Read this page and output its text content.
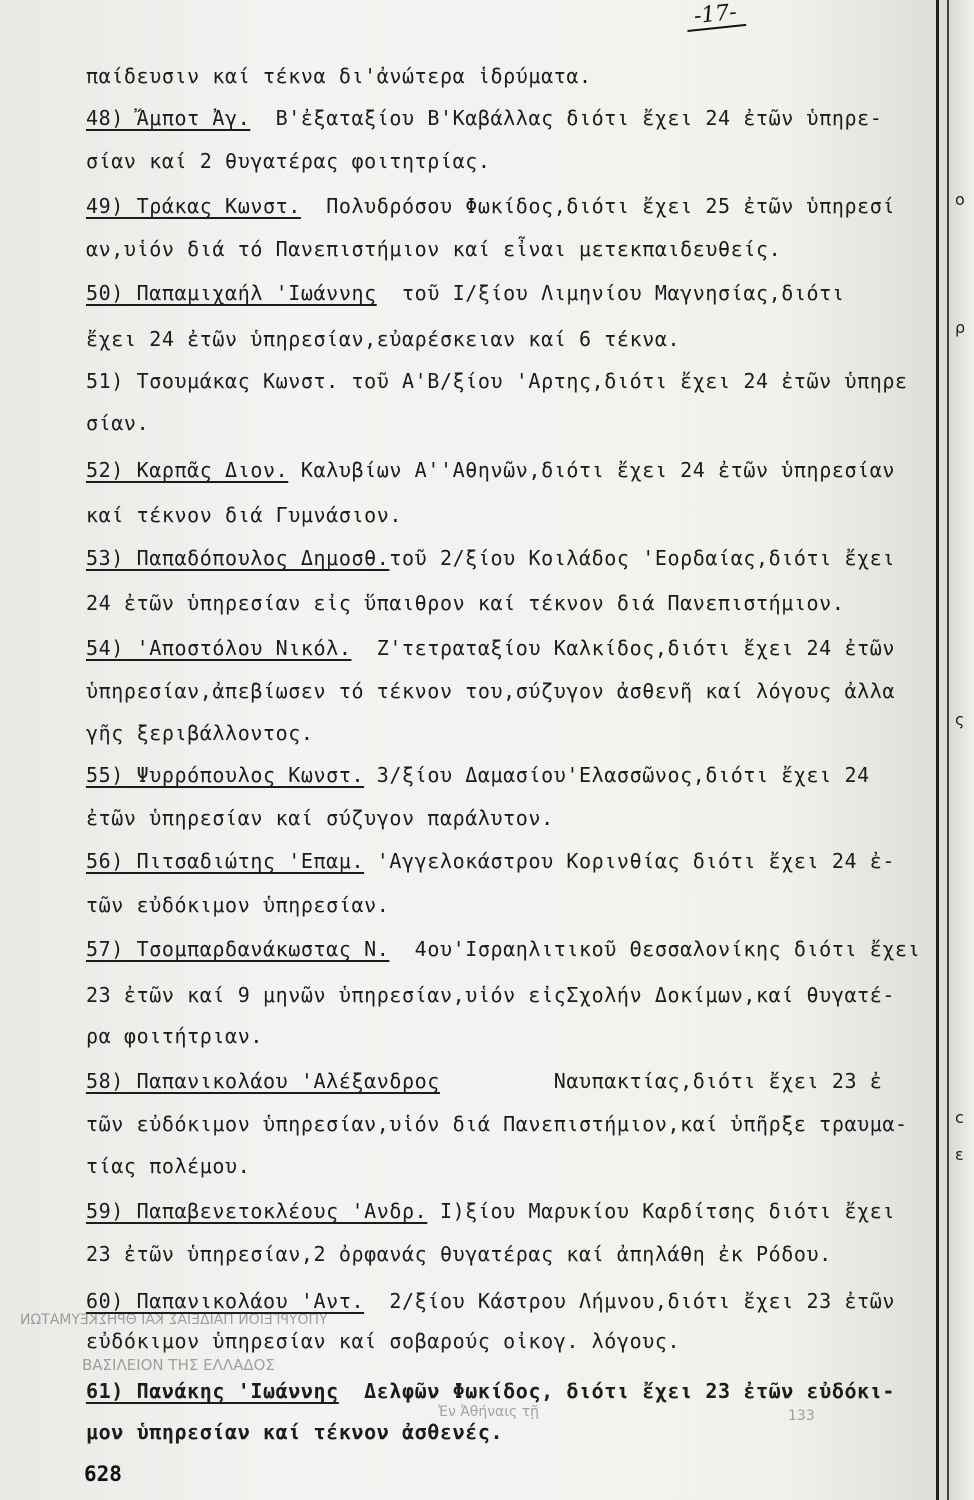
-17-
παίδευσιν καί τέκνα δι'ἀνώτερα ἱδρύματα.
48) Ἄμποτ Ἀγ.  Β'ἐξαταξίου Β'Καβάλλας διότι ἔχει 24 ἐτῶν ὑπηρε-
σίαν καί 2 θυγατέρας φοιτητρίας.
49) Τράκας Κωνστ.  Πολυδρόσου Φωκίδος,διότι ἔχει 25 ἐτῶν ὑπηρεσί
αν,υἱόν διά τό Πανεπιστήμιον καί εἶναι μετεκπαιδευθείς.
50) Παπαμιχαήλ 'Ιωάννης  τοῦ Ι/ξίου Λιμηνίου Μαγνησίας,διότι
ἔχει 24 ἐτῶν ὑπηρεσίαν,εὐαρέσκειαν καί 6 τέκνα.
51) Τσουμάκας Κωνστ. τοῦ Α'Β/ξίου 'Αρτης,διότι ἔχει 24 ἐτῶν ὑπηρε
σίαν.
52) Καρπᾶς Διον. Καλυβίων Α''Αθηνῶν,διότι ἔχει 24 ἐτῶν ὑπηρεσίαν
καί τέκνον διά Γυμνάσιον.
53) Παπαδόπουλος Δημοσθ.τοῦ 2/ξίου Κοιλάδος 'Εορδαίας,διότι ἔχει
24 ἐτῶν ὑπηρεσίαν εἰς ὕπαιθρον καί τέκνον διά Πανεπιστήμιον.
54) 'Αποστόλου Νικόλ.  Ζ'τετραταξίου Καλκίδος,διότι ἔχει 24 ἐτῶν
ὑπηρεσίαν,ἀπεβίωσεν τό τέκνον του,σύζυγον ἀσθενῆ καί λόγους ἀλλα
γῆς ξεριβάλλοντος.
55) Ψυρρόπουλος Κωνστ. 3/ξίου Δαμασίου'Ελασσῶνος,διότι ἔχει 24
ἐτῶν ὑπηρεσίαν καί σύζυγον παράλυτον.
56) Πιτσαδιώτης 'Επαμ. 'Αγγελοκάστρου Κορινθίας διότι ἔχει 24 ἐ-
τῶν εὐδόκιμον ὑπηρεσίαν.
57) Τσομπαρδανάκωστας Ν.  4ου'Ισραηλιτικοῦ Θεσσαλονίκης διότι ἔχει
23 ἐτῶν καί 9 μηνῶν ὑπηρεσίαν,υἱόν εἰςΣχολήν Δοκίμων,καί θυγατέ-
ρα φοιτήτριαν.
58) Παπανικολάου 'Αλέξανδρος         Ναυπακτίας,διότι ἔχει 23 ἐ
τῶν εὐδόκιμον ὑπηρεσίαν,υἱόν διά Πανεπιστήμιον,καί ὑπῆρξε τραυμα-
τίας πολέμου.
59) Παπαβενετοκλέους 'Ανδρ. Ι)ξίου Μαρυκίου Καρδίτσης διότι ἔχει
23 ἐτῶν ὑπηρεσίαν,2 ὀρφανάς θυγατέρας καί ἀπηλάθη ἐκ Ρόδου.
60) Παπανικολάου 'Αντ.  2/ξίου Κάστρου Λήμνου,διότι ἔχει 23 ἐτῶν
εὐδόκιμον ὑπηρεσίαν καί σοβαρούς οἰκογ. λόγους.
61) Πανάκης 'Ιωάννης  Δελφῶν Φωκίδος, διότι ἔχει 23 ἐτῶν εὐδόκι-
μον ὑπηρεσίαν καί τέκνον ἀσθενές.
ΥΠΟΥΡΓΕΙΟΝ ΠΑΙΔΕΙΑΣ ΚΑΙ ΘΡΗΣΚΕΥΜΑΤΩΝ
ΒΑΣΙΛΕΙΟΝ ΤΗΣ ΕΛΛΑΔΟΣ
Ἐν Ἀθήναις τῇ	133
ο
ρ
ς
c
ε
628
